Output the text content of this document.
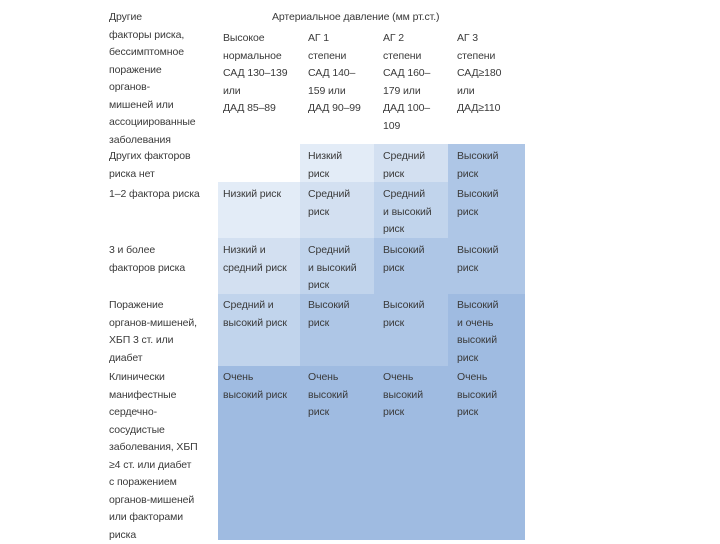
Другие
факторы риска,
бессимптомное
поражение
органов-
мишеней или
ассоциированные
заболевания
Артериальное давление (мм рт.ст.)
Высокое
нормальное
САД 130–139
или
ДАД 85–89
АГ 1
степени
САД 140–
159 или
ДАД 90–99
АГ 2
степени
САД 160–
179 или
ДАД 100–
109
АГ 3
степени
САД≥180
или
ДАД≥110
Других факторов
риска нет
Низкий
риск
Средний
риск
Высокий
риск
1–2 фактора риска	Низкий риск	Средний
риск
Средний
и высокий
риск
Высокий
риск
3 и более
факторов риска
Низкий и
средний риск
Средний
и высокий
риск
Высокий
риск
Высокий
риск
Поражение
органов-мишеней,
ХБП 3 ст. или
диабет
Средний и
высокий риск
Высокий
риск
Высокий
риск
Высокий
и очень
высокий
риск
Клинически
манифестные
сердечно-
сосудистые
заболевания, ХБП
≥4 ст. или диабет
с поражением
органов-мишеней
или факторами
риска
Очень
высокий риск
Очень
высокий
риск
Очень
высокий
риск
Очень
высокий
риск
